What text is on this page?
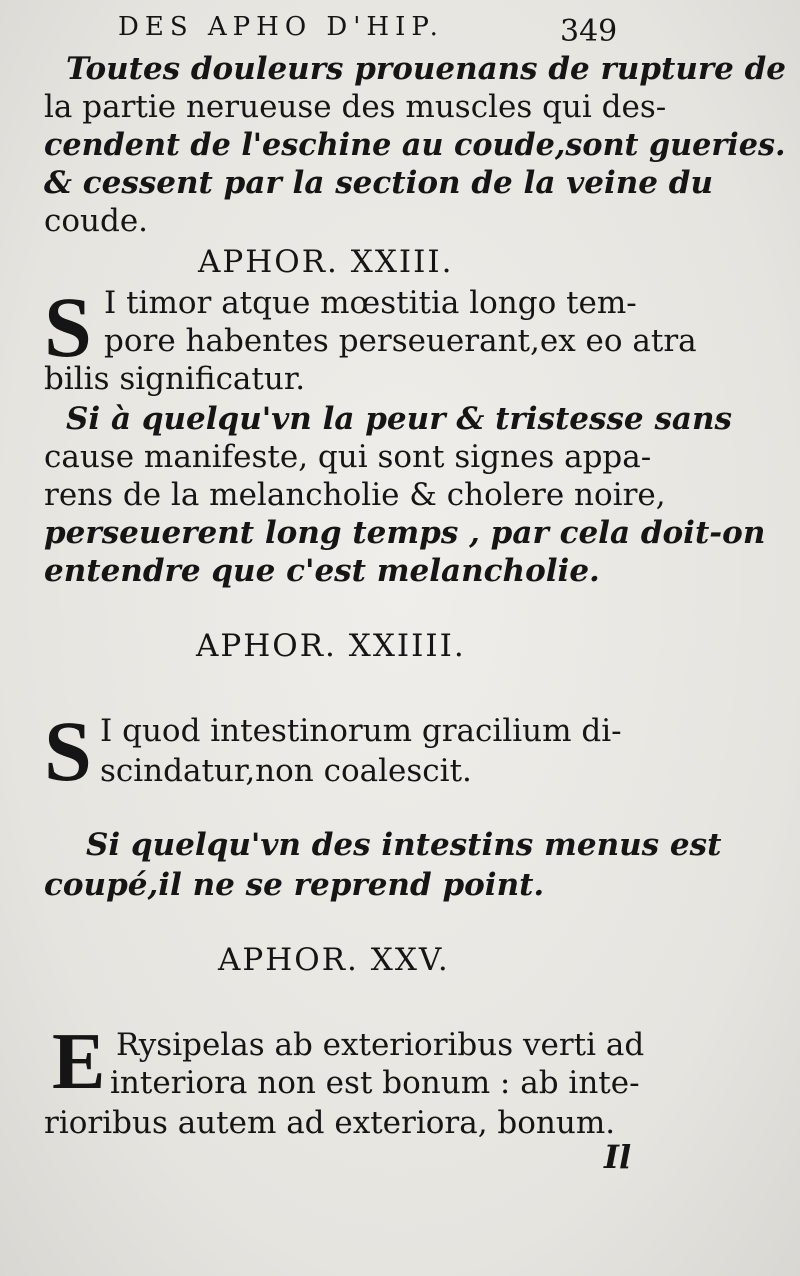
DES APHO D'HIP.	349
Toutes douleurs prouenans de rupture de
la partie nerueuse des muscles qui des-
cendent de l'eschine au coude,sont gueries.
& cessent par la section de la veine du
coude.
APHOR. XXIII.
S I timor atque mœstitia longo tem-
pore habentes perseuerant,ex eo atra
bilis significatur.
Si à quelqu'vn la peur & tristesse sans
cause manifeste, qui sont signes appa-
rens de la melancholie & cholere noire,
perseuerent long temps , par cela doit-on
entendre que c'est melancholie.
APHOR. XXIIII.
S I quod intestinorum gracilium di-
scindatur,non coalescit.
Si quelqu'vn des intestins menus est
coupé,il ne se reprend point.
APHOR. XXV.
E Rysipelas ab exterioribus verti ad
interiora non est bonum : ab inte-
rioribus autem ad exteriora, bonum.
Il
